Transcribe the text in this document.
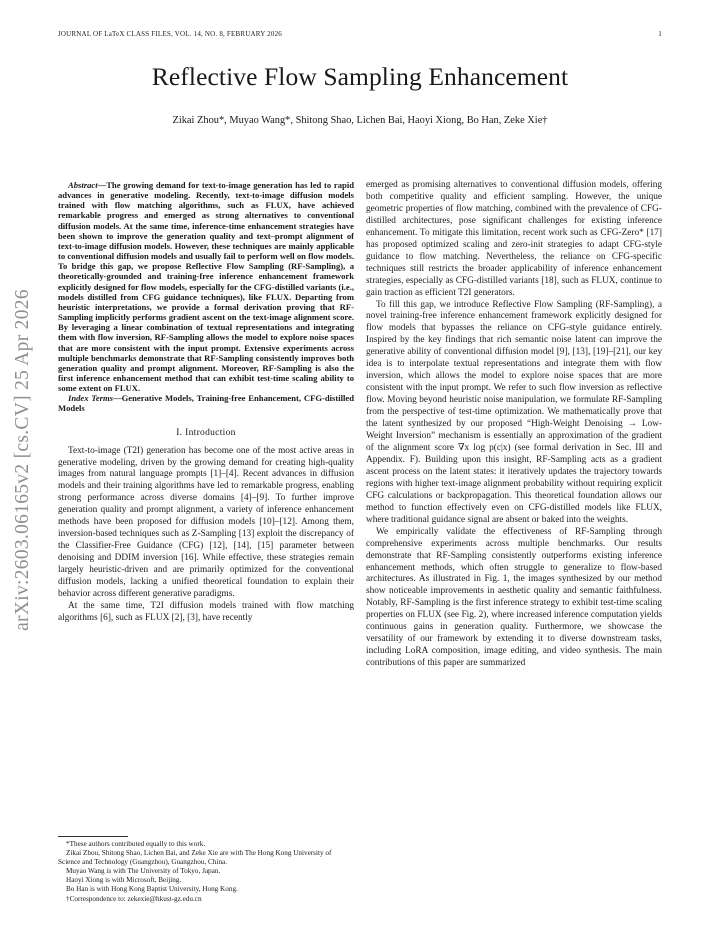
JOURNAL OF LaTeX CLASS FILES, VOL. 14, NO. 8, FEBRUARY 2026	1
Reflective Flow Sampling Enhancement
Zikai Zhou*, Muyao Wang*, Shitong Shao, Lichen Bai, Haoyi Xiong, Bo Han, Zeke Xie†
arXiv:2603.06165v2 [cs.CV] 25 Apr 2026

Abstract—The growing demand for text-to-image generation has led to rapid advances in generative modeling. Recently, text-to-image diffusion models trained with flow matching algorithms, such as FLUX, have achieved remarkable progress and emerged as strong alternatives to conventional diffusion models. At the same time, inference-time enhancement strategies have been shown to improve the generation quality and text–prompt alignment of text-to-image diffusion models. However, these techniques are mainly applicable to conventional diffusion models and usually fail to perform well on flow models. To bridge this gap, we propose Reflective Flow Sampling (RF-Sampling), a theoretically-grounded and training-free inference enhancement framework explicitly designed for flow models, especially for the CFG-distilled variants (i.e., models distilled from CFG guidance techniques), like FLUX. Departing from heuristic interpretations, we provide a formal derivation proving that RF-Sampling implicitly performs gradient ascent on the text-image alignment score. By leveraging a linear combination of textual representations and integrating them with flow inversion, RF-Sampling allows the model to explore noise spaces that are more consistent with the input prompt. Extensive experiments across multiple benchmarks demonstrate that RF-Sampling consistently improves both generation quality and prompt alignment. Moreover, RF-Sampling is also the first inference enhancement method that can exhibit test-time scaling ability to some extent on FLUX.

Index Terms—Generative Models, Training-free Enhancement, CFG-distilled Models

I. Introduction

Text-to-image (T2I) generation has become one of the most active areas in generative modeling, driven by the growing demand for creating high-quality images from natural language prompts [1]–[4]. Recent advances in diffusion models and their training algorithms have led to remarkable progress, enabling strong performance across diverse domains [4]–[9]. To further improve generation quality and prompt alignment, a variety of inference enhancement methods have been proposed for diffusion models [10]–[12]. Among them, inversion-based techniques such as Z-Sampling [13] exploit the discrepancy of the Classifier-Free Guidance (CFG) [12], [14], [15] parameter between denoising and DDIM inversion [16]. While effective, these strategies remain largely heuristic-driven and are primarily optimized for the conventional diffusion models, lacking a unified theoretical foundation to explain their behavior across different generative paradigms.

At the same time, T2I diffusion models trained with flow matching algorithms [6], such as FLUX [2], [3], have recently

emerged as promising alternatives to conventional diffusion models, offering both competitive quality and efficient sampling. However, the unique geometric properties of flow matching, combined with the prevalence of CFG-distilled architectures, pose significant challenges for existing inference enhancement. To mitigate this limitation, recent work such as CFG-Zero* [17] has proposed optimized scaling and zero-init strategies to adapt CFG-style guidance to flow matching. Nevertheless, the reliance on CFG-specific techniques still restricts the broader applicability of inference enhancement strategies, especially as CFG-distilled variants [18], such as FLUX, continue to gain traction as efficient T2I generators.

To fill this gap, we introduce Reflective Flow Sampling (RF-Sampling), a novel training-free inference enhancement framework explicitly designed for flow models that bypasses the reliance on CFG-style guidance entirely. Inspired by the key findings that rich semantic noise latent can improve the generative ability of conventional diffusion model [9], [13], [19]–[21], our key idea is to interpolate textual representations and integrate them with flow inversion, which allows the model to explore noise spaces that are more consistent with the input prompt. We refer to such flow inversion as reflective flow. Moving beyond heuristic noise manipulation, we formulate RF-Sampling from the perspective of test-time optimization. We mathematically prove that the latent synthesized by our proposed “High-Weight Denoising → Low-Weight Inversion” mechanism is essentially an approximation of the gradient of the alignment score ∇x log p(c|x) (see formal derivation in Sec. III and Appendix. F). Building upon this insight, RF-Sampling acts as a gradient ascent process on the latent states: it iteratively updates the trajectory towards regions with higher text-image alignment probability without requiring explicit CFG calculations or backpropagation. This theoretical foundation allows our method to function effectively even on CFG-distilled models like FLUX, where traditional guidance signal are absent or baked into the weights.

We empirically validate the effectiveness of RF-Sampling through comprehensive experiments across multiple benchmarks. Our results demonstrate that RF-Sampling consistently outperforms existing inference enhancement methods, which often struggle to generalize to flow-based architectures. As illustrated in Fig. 1, the images synthesized by our method show noticeable improvements in aesthetic quality and semantic faithfulness. Notably, RF-Sampling is the first inference strategy to exhibit test-time scaling properties on FLUX (see Fig. 2), where increased inference computation yields continuous gains in generation quality. Furthermore, we showcase the versatility of our framework by extending it to diverse downstream tasks, including LoRA composition, image editing, and video synthesis. The main contributions of this paper are summarized

*These authors contributed equally to this work.
Zikai Zhou, Shitong Shao, Lichen Bai, and Zeke Xie are with The Hong Kong University of Science and Technology (Guangzhou), Guangzhou, China.
Muyao Wang is with The University of Tokyo, Japan.
Haoyi Xiong is with Microsoft, Beijing.
Bo Han is with Hong Kong Baptist University, Hong Kong.
†Correspondence to: zekexie@hkust-gz.edu.cn
